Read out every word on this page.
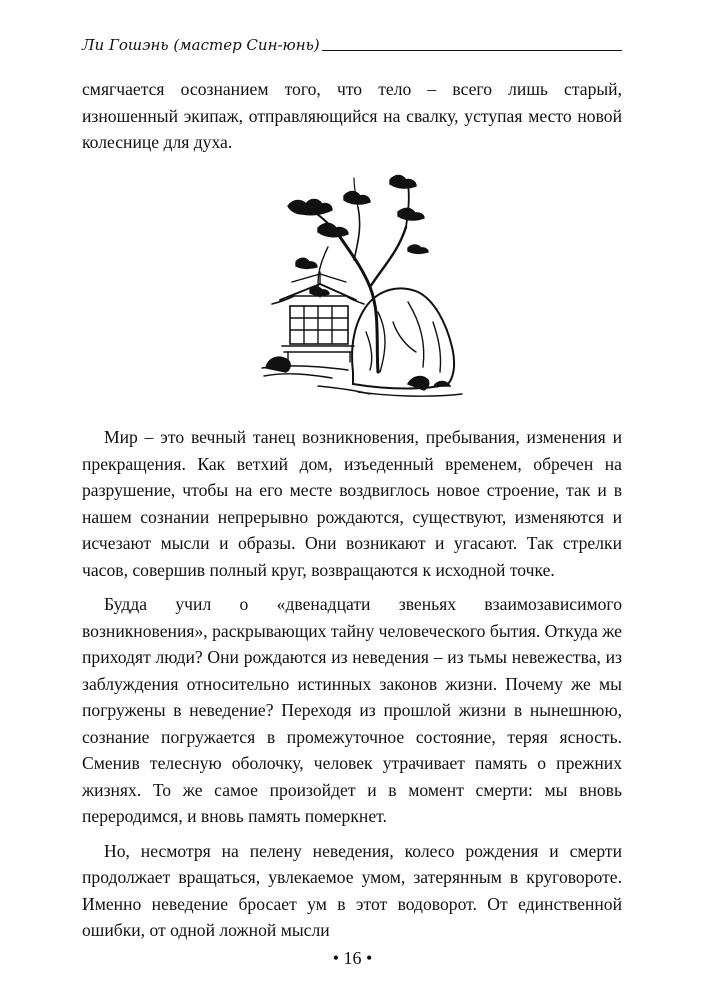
Ли Гошэнь (мастер Син-юнь)

смягчается осознанием того, что тело – всего лишь старый, изношенный экипаж, отправляющийся на свалку, уступая место новой колеснице для духа.

Мир – это вечный танец возникновения, пребывания, изменения и прекращения. Как ветхий дом, изъеденный временем, обречен на разрушение, чтобы на его месте воздвиглось новое строение, так и в нашем сознании непрерывно рождаются, существуют, изменяются и исчезают мысли и образы. Они возникают и угасают. Так стрелки часов, совершив полный круг, возвращаются к исходной точке.

Будда учил о «двенадцати звеньях взаимозависимого возникновения», раскрывающих тайну человеческого бытия. Откуда же приходят люди? Они рождаются из неведения – из тьмы невежества, из заблуждения относительно истинных законов жизни. Почему же мы погружены в неведение? Переходя из прошлой жизни в нынешнюю, сознание погружается в промежуточное состояние, теряя ясность. Сменив телесную оболочку, человек утрачивает память о прежних жизнях. То же самое произойдет и в момент смерти: мы вновь переродимся, и вновь память померкнет.

Но, несмотря на пелену неведения, колесо рождения и смерти продолжает вращаться, увлекаемое умом, затерянным в круговороте. Именно неведение бросает ум в этот водоворот. От единственной ошибки, от одной ложной мысли

• 16 •
